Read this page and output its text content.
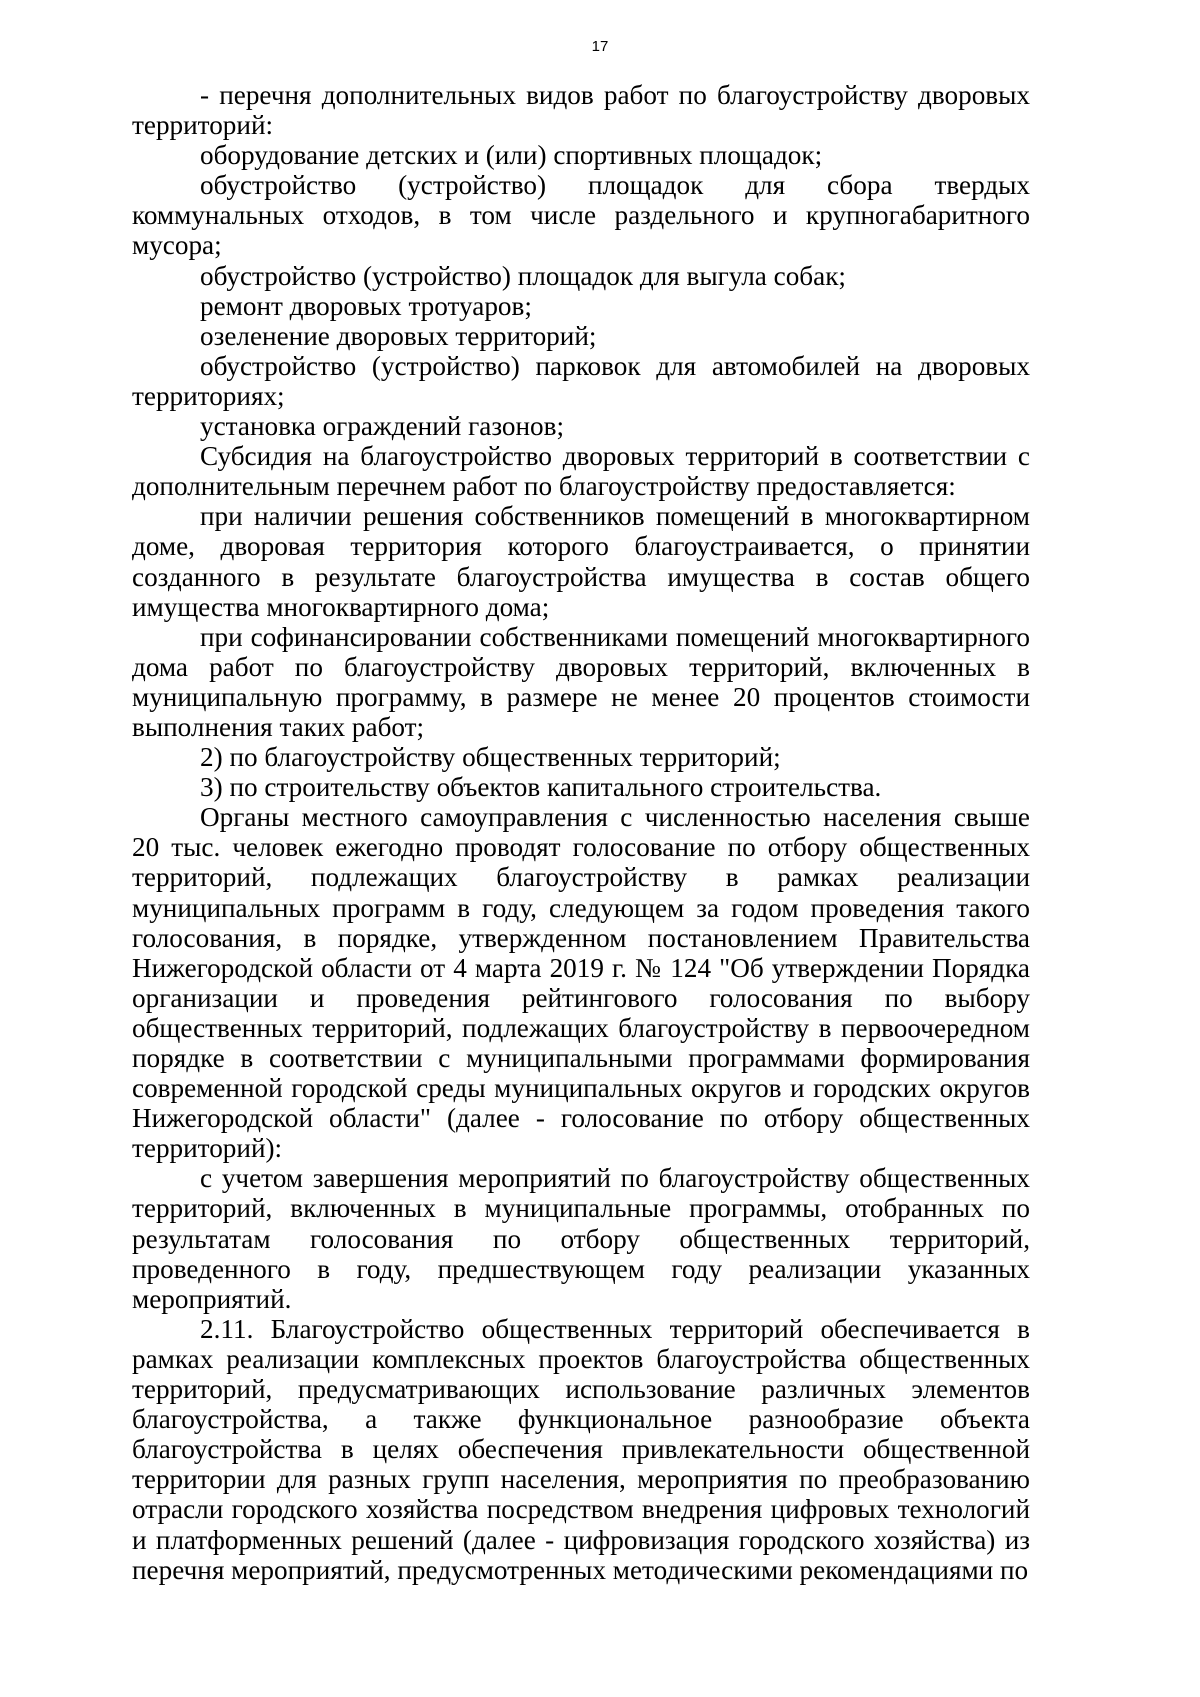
17

- перечня дополнительных видов работ по благоустройству дворовых территорий:

оборудование детских и (или) спортивных площадок;

обустройство (устройство) площадок для сбора твердых коммунальных отходов, в том числе раздельного и крупногабаритного мусора;

обустройство (устройство) площадок для выгула собак;

ремонт дворовых тротуаров;

озеленение дворовых территорий;

обустройство (устройство) парковок для автомобилей на дворовых территориях;

установка ограждений газонов;

Субсидия на благоустройство дворовых территорий в соответствии с дополнительным перечнем работ по благоустройству предоставляется:

при наличии решения собственников помещений в многоквартирном доме, дворовая территория которого благоустраивается, о принятии созданного в результате благоустройства имущества в состав общего имущества многоквартирного дома;

при софинансировании собственниками помещений многоквартирного дома работ по благоустройству дворовых территорий, включенных в муниципальную программу, в размере не менее 20 процентов стоимости выполнения таких работ;

2) по благоустройству общественных территорий;

3) по строительству объектов капитального строительства.

Органы местного самоуправления с численностью населения свыше 20 тыс. человек ежегодно проводят голосование по отбору общественных территорий, подлежащих благоустройству в рамках реализации муниципальных программ в году, следующем за годом проведения такого голосования, в порядке, утвержденном постановлением Правительства Нижегородской области от 4 марта 2019 г. № 124 "Об утверждении Порядка организации и проведения рейтингового голосования по выбору общественных территорий, подлежащих благоустройству в первоочередном порядке в соответствии с муниципальными программами формирования современной городской среды муниципальных округов и городских округов Нижегородской области" (далее - голосование по отбору общественных территорий):

с учетом завершения мероприятий по благоустройству общественных территорий, включенных в муниципальные программы, отобранных по результатам голосования по отбору общественных территорий, проведенного в году, предшествующем году реализации указанных мероприятий.

2.11. Благоустройство общественных территорий обеспечивается в рамках реализации комплексных проектов благоустройства общественных территорий, предусматривающих использование различных элементов благоустройства, а также функциональное разнообразие объекта благоустройства в целях обеспечения привлекательности общественной территории для разных групп населения, мероприятия по преобразованию отрасли городского хозяйства посредством внедрения цифровых технологий и платформенных решений (далее - цифровизация городского хозяйства) из перечня мероприятий, предусмотренных методическими рекомендациями по
